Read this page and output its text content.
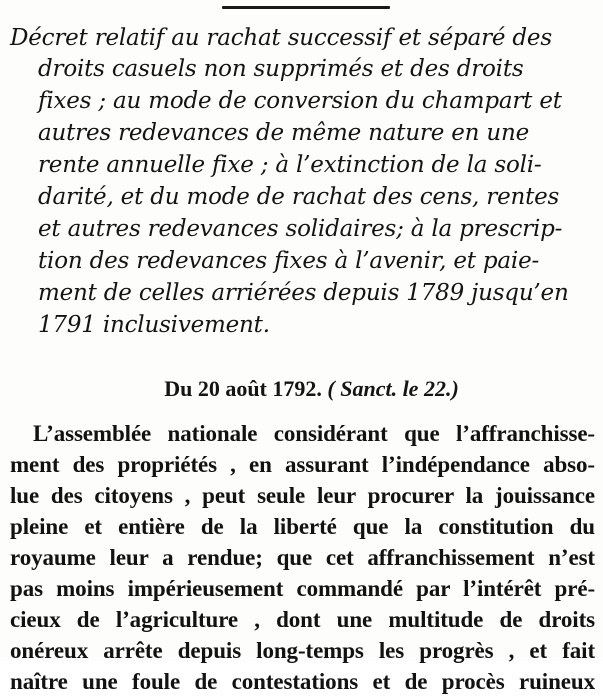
Décret relatif au rachat successif et séparé des
droits casuels non supprimés et des droits
fixes ; au mode de conversion du champart et
autres redevances de même nature en une
rente annuelle fixe ; à l’extinction de la soli-
darité, et du mode de rachat des cens, rentes
et autres redevances solidaires; à la prescrip-
tion des redevances fixes à l’avenir, et paie-
ment de celles arriérées depuis 1789 jusqu’en
1791 inclusivement.
Du 20 août 1792. ( Sanct. le 22.)
L’assemblée nationale considérant que l’affranchisse-
ment des propriétés , en assurant l’indépendance abso-
lue des citoyens , peut seule leur procurer la jouissance
pleine et entière de la liberté que la constitution du
royaume leur a rendue; que cet affranchissement n’est
pas moins impérieusement commandé par l’intérêt pré-
cieux de l’agriculture , dont une multitude de droits
onéreux arrête depuis long-temps les progrès , et fait
naître une foule de contestations et de procès ruineux
